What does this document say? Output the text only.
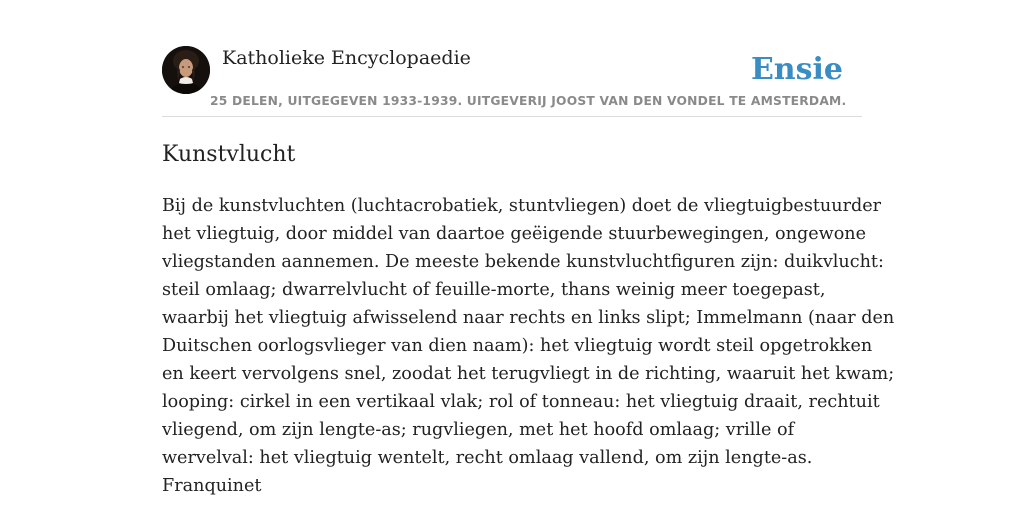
Katholieke Encyclopaedie	Ensie
25 DELEN, UITGEGEVEN 1933-1939. UITGEVERIJ JOOST VAN DEN VONDEL TE AMSTERDAM.
Kunstvlucht
Bij de kunstvluchten (luchtacrobatiek, stuntvliegen) doet de vliegtuigbestuurder
het vliegtuig, door middel van daartoe geëigende stuurbewegingen, ongewone
vliegstanden aannemen. De meeste bekende kunstvluchtfiguren zijn: duikvlucht:
steil omlaag; dwarrelvlucht of feuille-morte, thans weinig meer toegepast,
waarbij het vliegtuig afwisselend naar rechts en links slipt; Immelmann (naar den
Duitschen oorlogsvlieger van dien naam): het vliegtuig wordt steil opgetrokken
en keert vervolgens snel, zoodat het terugvliegt in de richting, waaruit het kwam;
looping: cirkel in een vertikaal vlak; rol of tonneau: het vliegtuig draait, rechtuit
vliegend, om zijn lengte-as; rugvliegen, met het hoofd omlaag; vrille of
wervelval: het vliegtuig wentelt, recht omlaag vallend, om zijn lengte-as.
Franquinet
